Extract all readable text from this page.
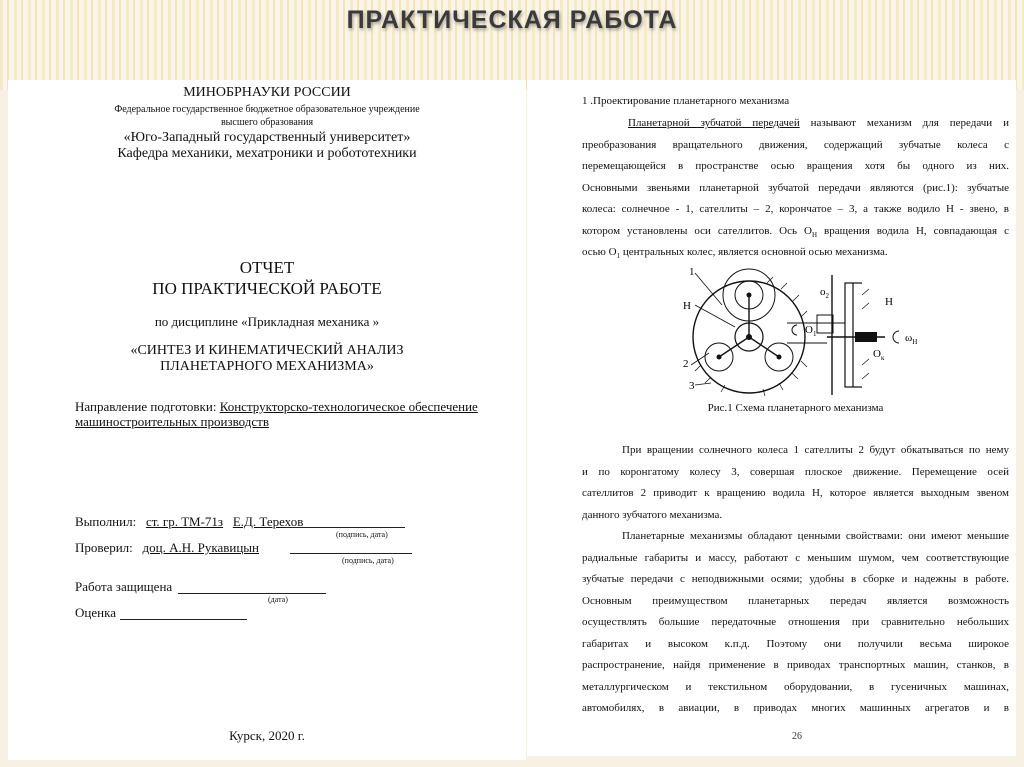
ПРАКТИЧЕСКАЯ РАБОТА
МИНОБРНАУКИ РОССИИ
Федеральное государственное бюджетное образовательное учреждение
высшего образования
«Юго-Западный государственный университет»
Кафедра механики, мехатроники и робототехники
ОТЧЕТ
ПО ПРАКТИЧЕСКОЙ РАБОТЕ
по дисциплине «Прикладная механика »
«СИНТЕЗ И КИНЕМАТИЧЕСКИЙ АНАЛИЗ
ПЛАНЕТАРНОГО МЕХАНИЗМА»
Направление подготовки: Конструкторско-технологическое обеспечение
машиностроительных производств
Выполнил: ст. гр. ТМ-71з Е.Д. Терехов
(подпись, дата)
Проверил: доц. А.Н. Рукавицын
(подпись, дата)
Работа защищена
(дата)
Оценка
Курск, 2020 г.
1 .Проектирование планетарного механизма
Планетарной зубчатой передачей называют механизм для передачи и
преобразования вращательного движения, содержащий зубчатые колеса с
перемещающейся в пространстве осью вращения хотя бы одного из них.
Основными звеньями планетарной зубчатой передачи являются (рис.1): зубчатые
колеса: солнечное - 1, сателлиты – 2, корончатое – 3, а также водило Н - звено, в
котором установлены оси сателлитов. Ось $О_Н$ вращения водила Н, совпадающая с
осью $О_1$ центральных колес, является основной осью механизма.
1
Н
2
3
$о_2$	Н
$\omega_Н$
$О_1$
$О_к$
Рис.1 Схема планетарного механизма
При вращении солнечного колеса 1 сателлиты 2 будут обкатываться по нему
и по коронгатому колесу 3, совершая плоское движение. Перемещение осей
сателлитов 2 приводит к вращению водила Н, которое является выходным звеном
данного зубчатого механизма.
Планетарные механизмы обладают ценными свойствами: они имеют меньшие
радиальные габариты и массу, работают с меньшим шумом, чем соответствующие
зубчатые передачи с неподвижными осями; удобны в сборке и надежны в работе.
Основным преимуществом планетарных передач является возможность
осуществлять большие передаточные отношения при сравнительно небольших
габаритах и высоком к.п.д. Поэтому они получили весьма широкое
распространение, найдя применение в приводах транспортных машин, станков, в
металлургическом и текстильном оборудовании, в гусеничных машинах,
автомобилях, в авиации, в приводах многих машинных агрегатов и в
26
